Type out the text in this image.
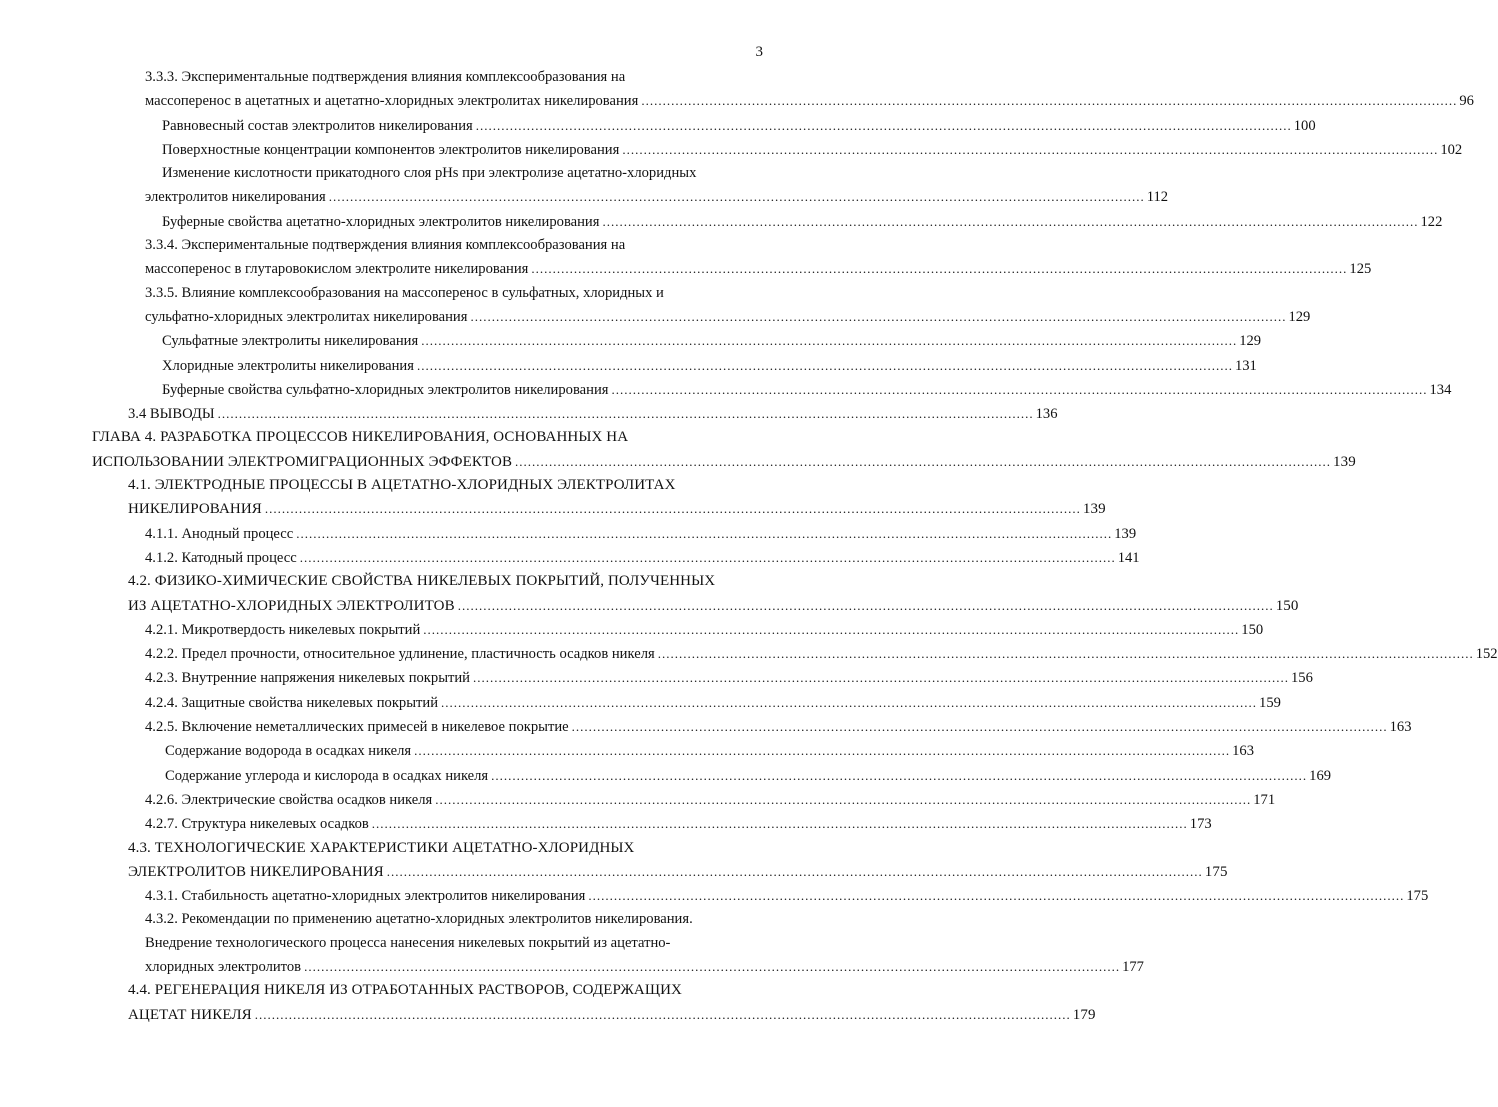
3
3.3.3. Экспериментальные подтверждения влияния комплексообразования на
массоперенос в ацетатных и ацетатно-хлоридных электролитах никелирования ................................................................................................................................................................................................ 96
Равновесный состав электролитов никелирования ................................................................................................................................................................................................ 100
Поверхностные концентрации компонентов электролитов никелирования ................................................................................................................................................................................................ 102
Изменение кислотности прикатодного слоя pHs при электролизе ацетатно-хлоридных
электролитов никелирования ................................................................................................................................................................................................ 112
Буферные свойства ацетатно-хлоридных электролитов никелирования ................................................................................................................................................................................................ 122
3.3.4. Экспериментальные подтверждения влияния комплексообразования на
массоперенос в глутаровокислом электролите никелирования ................................................................................................................................................................................................ 125
3.3.5. Влияние комплексообразования на массоперенос в сульфатных, хлоридных и
сульфатно-хлоридных электролитах никелирования ................................................................................................................................................................................................ 129
Сульфатные электролиты никелирования ................................................................................................................................................................................................ 129
Хлоридные электролиты никелирования ................................................................................................................................................................................................ 131
Буферные свойства сульфатно-хлоридных электролитов никелирования ................................................................................................................................................................................................ 134
3.4 ВЫВОДЫ ................................................................................................................................................................................................ 136
ГЛАВА 4. РАЗРАБОТКА ПРОЦЕССОВ НИКЕЛИРОВАНИЯ, ОСНОВАННЫХ НА
ИСПОЛЬЗОВАНИИ ЭЛЕКТРОМИГРАЦИОННЫХ ЭФФЕКТОВ ................................................................................................................................................................................................ 139
4.1. ЭЛЕКТРОДНЫЕ ПРОЦЕССЫ В АЦЕТАТНО-ХЛОРИДНЫХ ЭЛЕКТРОЛИТАХ
НИКЕЛИРОВАНИЯ ................................................................................................................................................................................................ 139
4.1.1. Анодный процесс ................................................................................................................................................................................................ 139
4.1.2. Катодный процесс ................................................................................................................................................................................................ 141
4.2. ФИЗИКО-ХИМИЧЕСКИЕ СВОЙСТВА НИКЕЛЕВЫХ ПОКРЫТИЙ, ПОЛУЧЕННЫХ
ИЗ АЦЕТАТНО-ХЛОРИДНЫХ ЭЛЕКТРОЛИТОВ ................................................................................................................................................................................................ 150
4.2.1. Микротвердость никелевых покрытий ................................................................................................................................................................................................ 150
4.2.2. Предел прочности, относительное удлинение, пластичность осадков никеля ................................................................................................................................................................................................ 152
4.2.3. Внутренние напряжения никелевых покрытий ................................................................................................................................................................................................ 156
4.2.4. Защитные свойства никелевых покрытий ................................................................................................................................................................................................ 159
4.2.5. Включение неметаллических примесей в никелевое покрытие ................................................................................................................................................................................................ 163
Содержание водорода в осадках никеля ................................................................................................................................................................................................ 163
Содержание углерода и кислорода в осадках никеля ................................................................................................................................................................................................ 169
4.2.6. Электрические свойства осадков никеля ................................................................................................................................................................................................ 171
4.2.7. Структура никелевых осадков ................................................................................................................................................................................................ 173
4.3. ТЕХНОЛОГИЧЕСКИЕ ХАРАКТЕРИСТИКИ АЦЕТАТНО-ХЛОРИДНЫХ
ЭЛЕКТРОЛИТОВ НИКЕЛИРОВАНИЯ ................................................................................................................................................................................................ 175
4.3.1. Стабильность ацетатно-хлоридных электролитов никелирования ................................................................................................................................................................................................ 175
4.3.2. Рекомендации по применению ацетатно-хлоридных электролитов никелирования.
Внедрение технологического процесса нанесения никелевых покрытий из ацетатно-
хлоридных электролитов ................................................................................................................................................................................................ 177
4.4. РЕГЕНЕРАЦИЯ НИКЕЛЯ ИЗ ОТРАБОТАННЫХ РАСТВОРОВ, СОДЕРЖАЩИХ
АЦЕТАТ НИКЕЛЯ ................................................................................................................................................................................................ 179
